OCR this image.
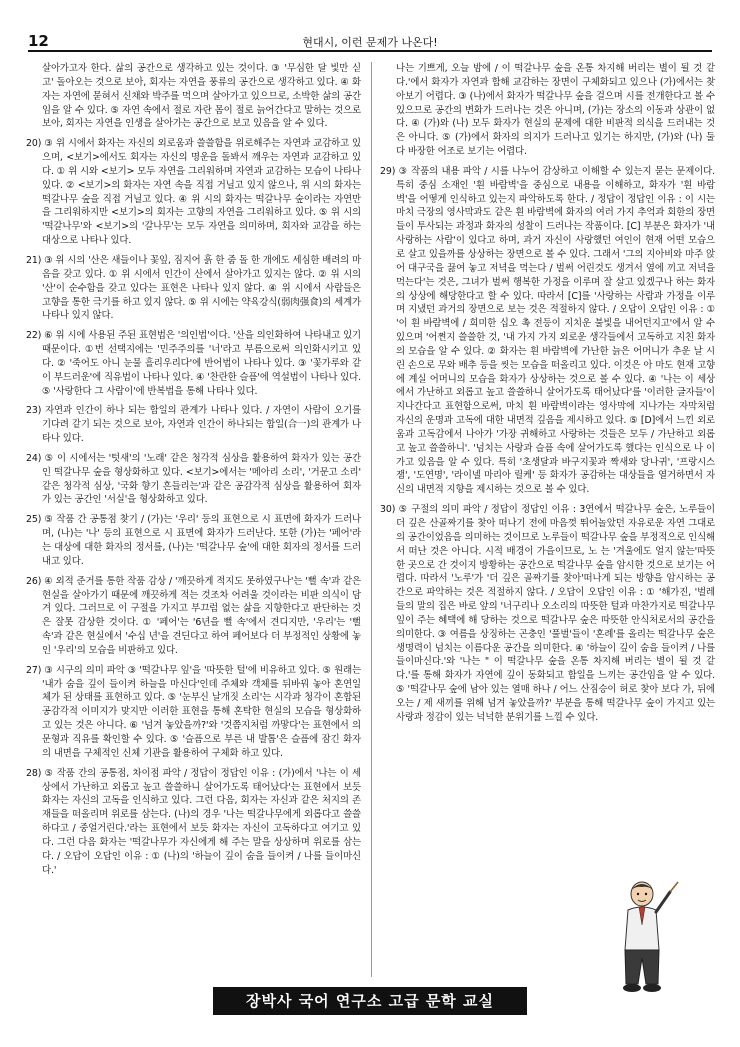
12	현대시, 이런 문제가 나온다!
살아가고자 한다. 삶의 공간으로 생각하고 있는 것이다. ③ '무심한 달 빛만 싣고' 돌아오는 것으로 보아, 회자는 자연을 풍류의 공간으로 생각하고 있다. ④ 화자는 자연에 묻혀서 신채와 박주를 먹으며 살아가고 있으므로, 소박한 삶의 공간임을 알 수 있다. ⑤ 자연 속에서 절로 자란 몸이 절로 늙어간다고 말하는 것으로 보아, 회자는 자연을 인생을 살아가는 공간으로 보고 있음을 알 수 있다.
20) ③ 위 시에서 화자는 자신의 외로움과 쓸쓸함을 위로해주는 자연과 교감하고 있으며, <보기>에서도 회자는 자신의 명운을 돌봐서 깨우는 자연과 교감하고 있다. ① 위 시와 <보기> 모두 자연을 그리워하며 자연과 교감하는 모습이 나타나 있다. ② <보기>의 화자는 자연 속을 직접 거닐고 있지 않으나, 위 시의 화자는 떡갈나무 숲을 직접 거닐고 있다. ④ 위 시의 화자는 떡갈나무 숲이라는 자연만을 그리워하지만 <보기>의 회자는 고향의 자연을 그리워하고 있다. ⑤ 위 시의 '떡갈나무'와 <보기>의 '갈나무'는 모두 자연을 의미하며, 회자와 교감을 하는 대상으로 나타나 있다.
21) ③ 위 시의 '산은 새들이나 꽃잎, 짐지어 흙 한 줌 돌 한 개에도 세심한 배려의 마음을 갖고 있다. ① 위 시에서 인간이 산에서 살아가고 있지는 않다. ② 위 시의 '산'이 순수함을 갖고 있다는 표현은 나타나 있지 않다. ④ 위 시에서 사람들은 고향을 통한 극기를 하고 있지 않다. ⑤ 위 시에는 약육강식(弱肉强食)의 세계가 나타나 있지 않다.
22) ⑥ 위 시에 사용된 주된 표현법은 '의인법'이다. '산을 의인화하여 나타내고 있기 때문이다. ①번 선택지에는 '민주주의를 '너'라고 부름으로써 의인화시키고 있다. ② '죽어도 아니 눈물 흘리우리다'에 반어법이 나타나 있다. ③ '꽃가루와 같이 부드러운'에 직유법이 나타나 있다. ④ '찬란한 슬픔'에 역설법이 나타나 있다. ⑤ '사랑한다 그 사람이'에 반복법을 통해 나타나 있다.
23) 자연과 인간이 하나 되는 합일의 관계가 나타나 있다. / 자연이 사람이 오기를 기다려 같기 되는 것으로 보아, 자연과 인간이 하나되는 합일(合一)의 관계가 나타나 있다.
24) ⑤ 이 시에서는 '텃새'의 '노래' 같은 청각적 심상을 활용하여 화자가 있는 공간인 떡갈나무 숲을 형상화하고 있다. <보기>에서는 '메아리 소리', '거문고 소리' 같은 청각적 심상, '국화 향기 흔들리는'과 같은 공감각적 심상을 활용하여 회자가 있는 공간인 '서실'을 형상화하고 있다.
25) ⑤ 작품 간 공통점 찾기 / (가)는 '우리' 등의 표현으로 시 표면에 화자가 드러나며, (나)는 '나' 등의 표현으로 시 표면에 화자가 드러난다. 또한 (가)는 '페어'라는 대상에 대한 화자의 정서를, (나)는 '떡갈나무 숲'에 대한 회자의 정서를 드러내고 있다.
26) ④ 외적 준거를 통한 작품 감상 / '깨끗하게 적지도 못하였구나'는 '뻘 속'과 같은 현실을 살아가기 때문에 깨끗하게 적는 것조차 어려울 것이라는 비판 의식이 담겨 있다. 그러므로 이 구절을 가지고 부끄럼 없는 삶을 지향한다고 판단하는 것은 잘못 감상한 것이다. ① '페어'는 '6년을 뻘 속'에서 견디지만, '우리'는 '뻘 속'과 같은 현실에서 '수십 년'을 견딘다고 하여 페어보다 더 부정적인 상황에 놓인 '우리'의 모습을 비판하고 있다.
27) ③ 시구의 의미 파악 ③ '떡갈나무 잎'을 '따뜻한 털'에 비유하고 있다. ⑤ 원래는 '내가 숨을 깊이 들이켜 하늘을 마신다'인데 주체와 객체를 뒤바꿔 놓아 혼연일체가 된 상태를 표현하고 있다. ⑤ '눈부신 날개짓 소리'는 시각과 청각이 혼합된 공감각적 이미지가 맞지만 이러한 표현을 통해 혼탁한 현실의 모습을 형상화하고 있는 것은 아니다. ⑥ '넘겨 놓았을까?'와 '것쯤지처럼 까맣다'는 표현에서 의문형과 직유를 확인할 수 있다. ⑤ '슬픔으로 부른 내 발톱'은 슬픔에 잠긴 화자의 내면을 구체적인 신체 기관을 활용하여 구체화 하고 있다.
28) ⑤ 작품 간의 공통점, 차이점 파악 / 정답이 정답인 이유 : (가)에서 '나는 이 세상에서 가난하고 외롭고 높고 쓸쓸하니 살어가도록 태어났다'는 표현에서 보듯 화자는 자신의 고독을 인식하고 있다. 그런 다음, 회자는 자신과 같은 처지의 존재들을 떠올리며 위로를 삼는다. (나)의 경우 '나는 떡갈나무에게 외롭다고 쓸쓸하다고 / 중얼거린다.'라는 표현에서 보듯 화자는 자신이 고독하다고 여기고 있다. 그런 다음 화자는 '떡갈나무가 자신에게 해 주는 말을 상상하며 위로를 삼는다. / 오답이 오답인 이유 : ① (나)의 '하늘이 깊이 숨을 들이켜 / 나를 들이마신다.'
나는 기쁘게, 오늘 밤에 / 이 떡갈나무 숲을 온통 차지해 버리는 별이 될 것 같다.'에서 화자가 자연과 합해 교감하는 장면이 구체화되고 있으나 (가)에서는 찾아보기 어렵다. ③ (나)에서 화자가 떡갈나무 숲을 걸으며 시를 전개한다고 볼 수 있으므로 공간의 변화가 드러나는 것은 아니며, (가)는 장소의 이동과 상관이 없다. ④ (가)와 (나) 모두 화자가 현실의 문제에 대한 비판적 의식을 드러내는 것은 아니다. ⑤ (가)에서 화자의 의지가 드러나고 있기는 하지만, (가)와 (나) 둘 다 바장한 어조로 보기는 어렵다.
29) ③ 작품의 내용 파악 / 시를 나누어 감상하고 이해할 수 있는지 묻는 문제이다. 특히 중심 소재인 '흰 바람벽'을 중심으로 내용을 이해하고, 화자가 '흰 바람벽'을 어떻게 인식하고 있는지 파악하도록 한다. / 정답이 정답인 이유 : 이 시는 마치 극장의 영사막과도 같은 흰 바람벽에 화자의 여러 가지 추억과 회한의 장면들이 투사되는 과정과 화자의 성찰이 드러나는 작품이다. [C] 부분은 화자가 '내 사랑하는 사람'이 있다고 하며, 과거 자신이 사랑했던 여인이 현재 어떤 모습으로 살고 있을까를 상상하는 장면으로 볼 수 있다. 그래서 '그의 지아비와 마주 앉어 대구국을 끓여 놓고 저녁을 먹는다 / 벌써 어린것도 생겨서 옆에 끼고 저녁을 먹는다'는 것은, 그녀가 벌써 행복한 가정을 이루며 잘 살고 있겠구나 하는 화자의 상상에 해당한다고 할 수 있다. 따라서 [C]를 '사랑하는 사람과 가정을 이루며 지냈던 과거의 장면으로 보는 것은 적절하지 않다. / 오답이 오답인 이유 : ① '이 흰 바람벽에 / 희미한 십오 촉 전등이 지치운 불빛을 내어던지고'에서 알 수 있으며 '어쩐지 쓸쓸한 것, '내 가지 가지 외로운 생각들에서 고독하고 지친 화자의 모습을 알 수 있다. ② 화자는 흰 바람벽에 가난한 늙은 어머니가 추운 날 시린 손으로 무와 배추 등을 씻는 모습을 떠올리고 있다. 이것은 아 마도 현재 고향에 계실 어머니의 모습을 화자가 상상하는 것으로 볼 수 있다. ④ '나는 이 세상에서 가난하고 외롭고 높고 쓸쓸하니 살어가도록 태어났다'를 '이러한 글자들'이 지나간다고 표현함으로써, 마치 흰 바람벽이라는 영사막에 지나가는 자막처럼 자신의 운명과 고독에 대한 내면적 깊음을 제시하고 있다. ⑤ [D]에서 느낀 외로움과 고독감에서 나아가 '가장 귀해하고 사랑하는 것들은 모두 / 가난하고 외롭고 높고 쓸쓸하니'. '넘치는 사랑과 슬픔 속에 살어가도록 했다는 인식으로 나 이가고 있음을 알 수 있다. 특히 '초생달과 바구지꽃과 짝새와 당나귀', '프랑시스 잼', '도연명', '라이넬 마리아 릴케' 등 화자가 공감하는 대상들을 열거하면서 자신의 내면적 지향을 제시하는 것으로 볼 수 있다.
30) ⑤ 구절의 의미 파악 / 정답이 정답인 이유 : 3연에서 떡갈나무 숲은, 노루들이 더 깊은 산골짜기를 찾아 떠나기 전에 마음껏 뛰어놀았던 자유로운 자연 그대로의 공간이었음을 의미하는 것이므로 노루들이 떡갈나무 숲을 부정적으로 인식해서 떠난 것은 아니다. 시적 배경이 가을이므로, 노 는 '겨울에도 얼지 않는'따뜻한 곳으로 간 것이지 방황하는 공간으로 떡갈나무 숲을 암시한 것으로 보기는 어렵다. 따라서 '노루'가 '더 깊은 골짜기를 찾아'떠나게 되는 방향을 암시하는 공간으로 파악하는 것은 적절하지 않다. / 오답이 오답인 이유 : ① '해가진, '벌레들의 말의 집은 바로 앞의 '너구리나 오소리의 따뜻한 털과 마찬가지로 떡갈나무 잎이 주는 혜택에 해 당하는 것으로 떡갈나무 숲은 따뜻한 안식처로서의 공간을 의미한다. ③ 여름을 상징하는 곤충인 '풀벌'들이 '혼례'를 올리는 떡갈나무 숲은 생명력이 넘치는 이름다운 공간을 의미한다. ④ '하늘이 깊이 숨을 들이켜 / 나를 들이마신다.'와 '나는 " 이 떡갈나무 숲을 온통 차지해 버리는 별이 될 것 같다.'를 통해 화자가 자연에 깊이 동화되고 합일을 느끼는 공간임을 알 수 있다. ⑤ '떡갈나무 숲에 남아 있는 열매 하나 / 어느 산짐승이 허로 찾아 보다 가, 뒤에 오는 / 제 새끼를 위해 넘겨 놓았을까?' 부분을 통해 떡갈나무 숲이 가지고 있는 사랑과 정감이 있는 넉넉한 분위기를 느낄 수 있다.
장박사 국어 연구소 고급 문학 교실
